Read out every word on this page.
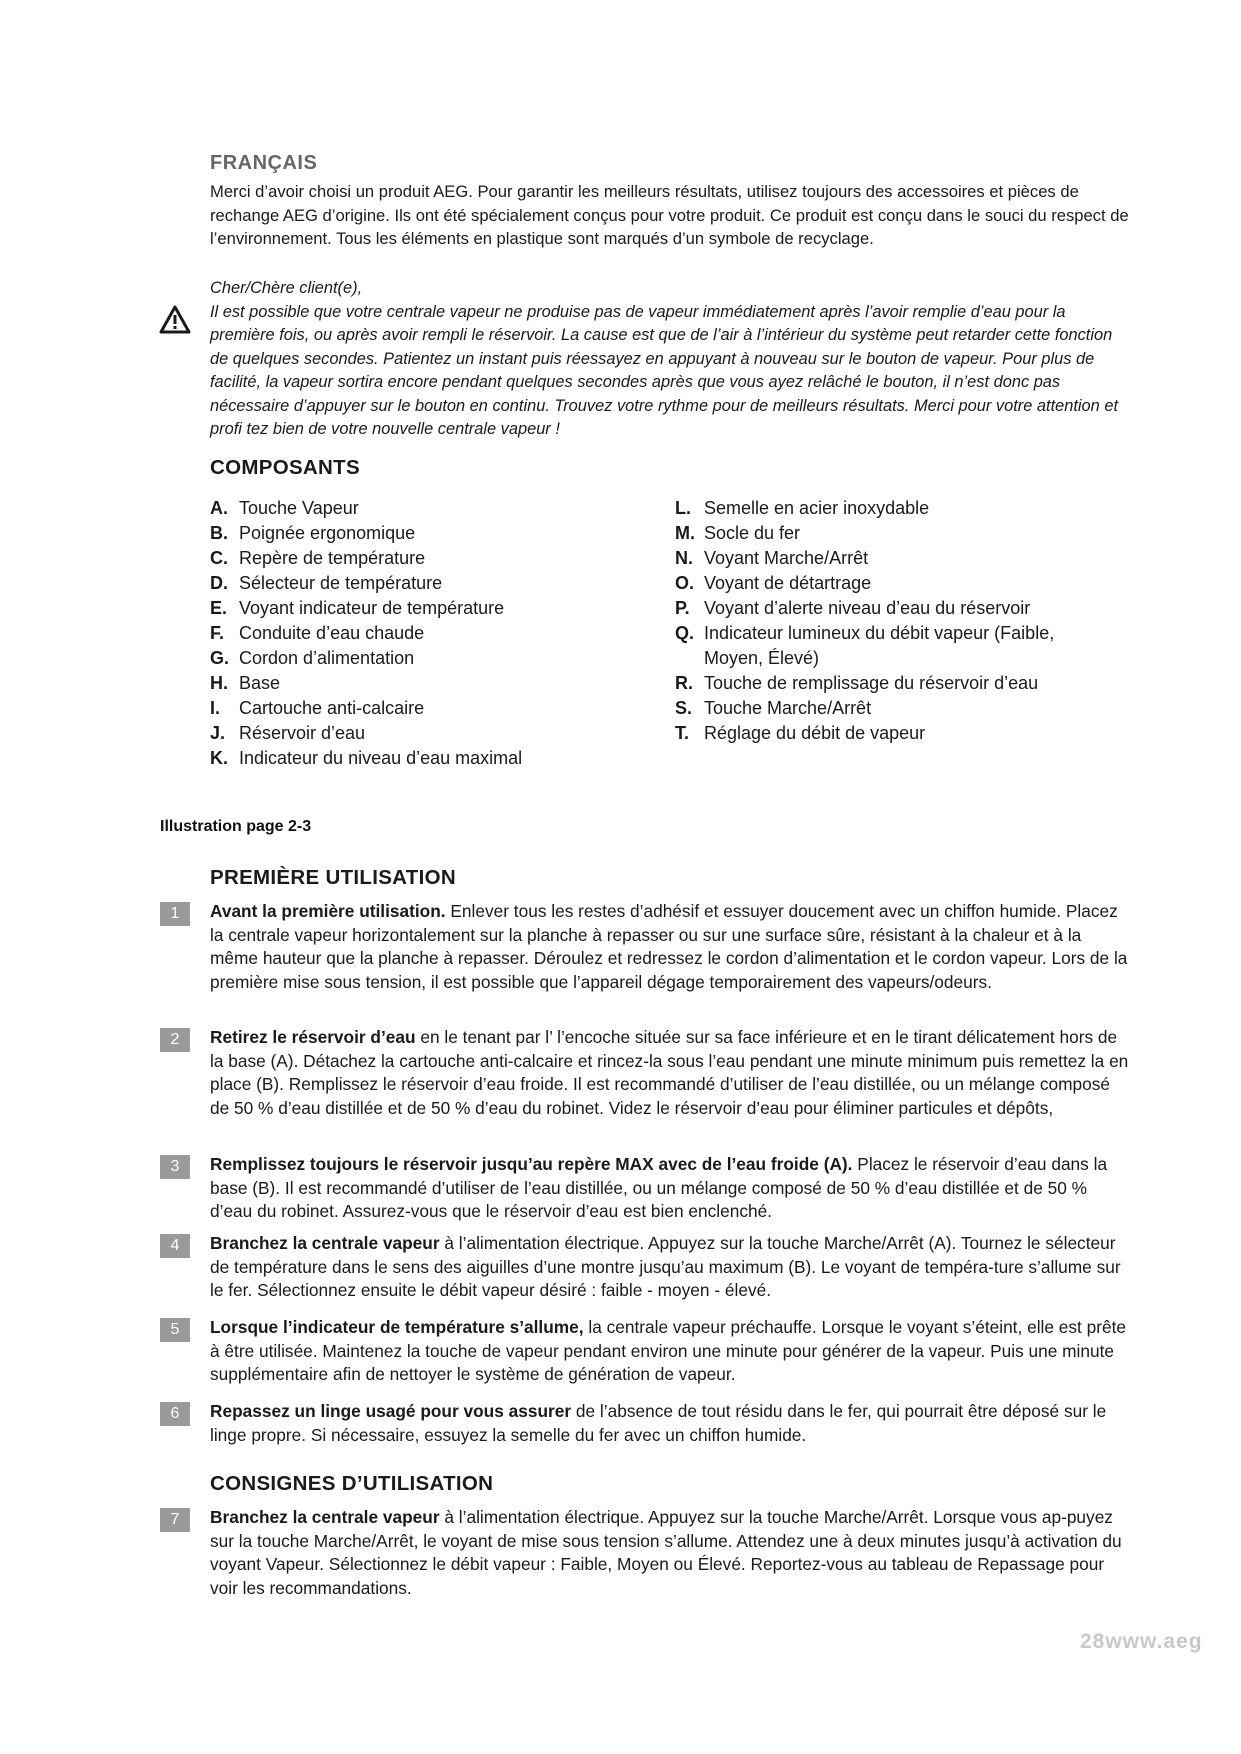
FRANÇAIS
Merci d’avoir choisi un produit AEG. Pour garantir les meilleurs résultats, utilisez toujours des accessoires et pièces de rechange AEG d’origine. Ils ont été spécialement conçus pour votre produit. Ce produit est conçu dans le souci du respect de l’environnement. Tous les éléments en plastique sont marqués d’un symbole de recyclage.

Cher/Chère client(e),

Il est possible que votre centrale vapeur ne produise pas de vapeur immédiatement après l’avoir remplie d’eau pour la première fois, ou après avoir rempli le réservoir. La cause est que de l’air à l’intérieur du système peut retarder cette fonction de quelques secondes. Patientez un instant puis réessayez en appuyant à nouveau sur le bouton de vapeur. Pour plus de facilité, la vapeur sortira encore pendant quelques secondes après que vous ayez relâché le bouton, il n’est donc pas nécessaire d’appuyer sur le bouton en continu. Trouvez votre rythme pour de meilleurs résultats. Merci pour votre attention et profi tez bien de votre nouvelle centrale vapeur !

COMPOSANTS
A. Touche Vapeur
B. Poignée ergonomique
C. Repère de température
D. Sélecteur de température
E. Voyant indicateur de température
F. Conduite d’eau chaude
G. Cordon d’alimentation
H. Base
I. Cartouche anti-calcaire
J. Réservoir d’eau
K. Indicateur du niveau d’eau maximal
L. Semelle en acier inoxydable
M. Socle du fer
N. Voyant Marche/Arrêt
O. Voyant de détartrage
P. Voyant d’alerte niveau d’eau du réservoir
Q. Indicateur lumineux du débit vapeur (Faible, Moyen, Élevé)
R. Touche de remplissage du réservoir d’eau
S. Touche Marche/Arrêt
T. Réglage du débit de vapeur
Illustration page 2-3
PREMIÈRE UTILISATION
1	Avant la première utilisation. Enlever tous les restes d’adhésif et essuyer doucement avec un chiffon humide. Placez la centrale vapeur horizontalement sur la planche à repasser ou sur une surface sûre, résistant à la chaleur et à la même hauteur que la planche à repasser. Déroulez et redressez le cordon d’alimentation et le cordon vapeur. Lors de la première mise sous tension, il est possible que l’appareil dégage temporairement des vapeurs/odeurs.
2	Retirez le réservoir d’eau en le tenant par l’ l’encoche située sur sa face inférieure et en le tirant délicatement hors de la base (A). Détachez la cartouche anti-calcaire et rincez-la sous l’eau pendant une minute minimum puis remettez la en place (B). Remplissez le réservoir d’eau froide. Il est recommandé d’utiliser de l’eau distillée, ou un mélange composé de 50 % d’eau distillée et de 50 % d’eau du robinet. Videz le réservoir d’eau pour éliminer particules et dépôts,
3	Remplissez toujours le réservoir jusqu’au repère MAX avec de l’eau froide (A). Placez le réservoir d’eau dans la base (B). Il est recommandé d’utiliser de l’eau distillée, ou un mélange composé de 50 % d’eau distillée et de 50 % d’eau du robinet. Assurez-vous que le réservoir d’eau est bien enclenché.
4	Branchez la centrale vapeur à l’alimentation électrique. Appuyez sur la touche Marche/Arrêt (A). Tournez le sélecteur de température dans le sens des aiguilles d’une montre jusqu’au maximum (B). Le voyant de tempéra-ture s’allume sur le fer. Sélectionnez ensuite le débit vapeur désiré : faible - moyen - élevé.
5	Lorsque l’indicateur de température s’allume, la centrale vapeur préchauffe. Lorsque le voyant s’éteint, elle est prête à être utilisée. Maintenez la touche de vapeur pendant environ une minute pour générer de la vapeur. Puis une minute supplémentaire afin de nettoyer le système de génération de vapeur.
6	Repassez un linge usagé pour vous assurer de l’absence de tout résidu dans le fer, qui pourrait être déposé sur le linge propre. Si nécessaire, essuyez la semelle du fer avec un chiffon humide.
CONSIGNES D’UTILISATION
7	Branchez la centrale vapeur à l’alimentation électrique. Appuyez sur la touche Marche/Arrêt. Lorsque vous ap-puyez sur la touche Marche/Arrêt, le voyant de mise sous tension s’allume. Attendez une à deux minutes jusqu’à activation du voyant Vapeur. Sélectionnez le débit vapeur : Faible, Moyen ou Élevé. Reportez-vous au tableau de Repassage pour voir les recommandations.
28www.aeg
